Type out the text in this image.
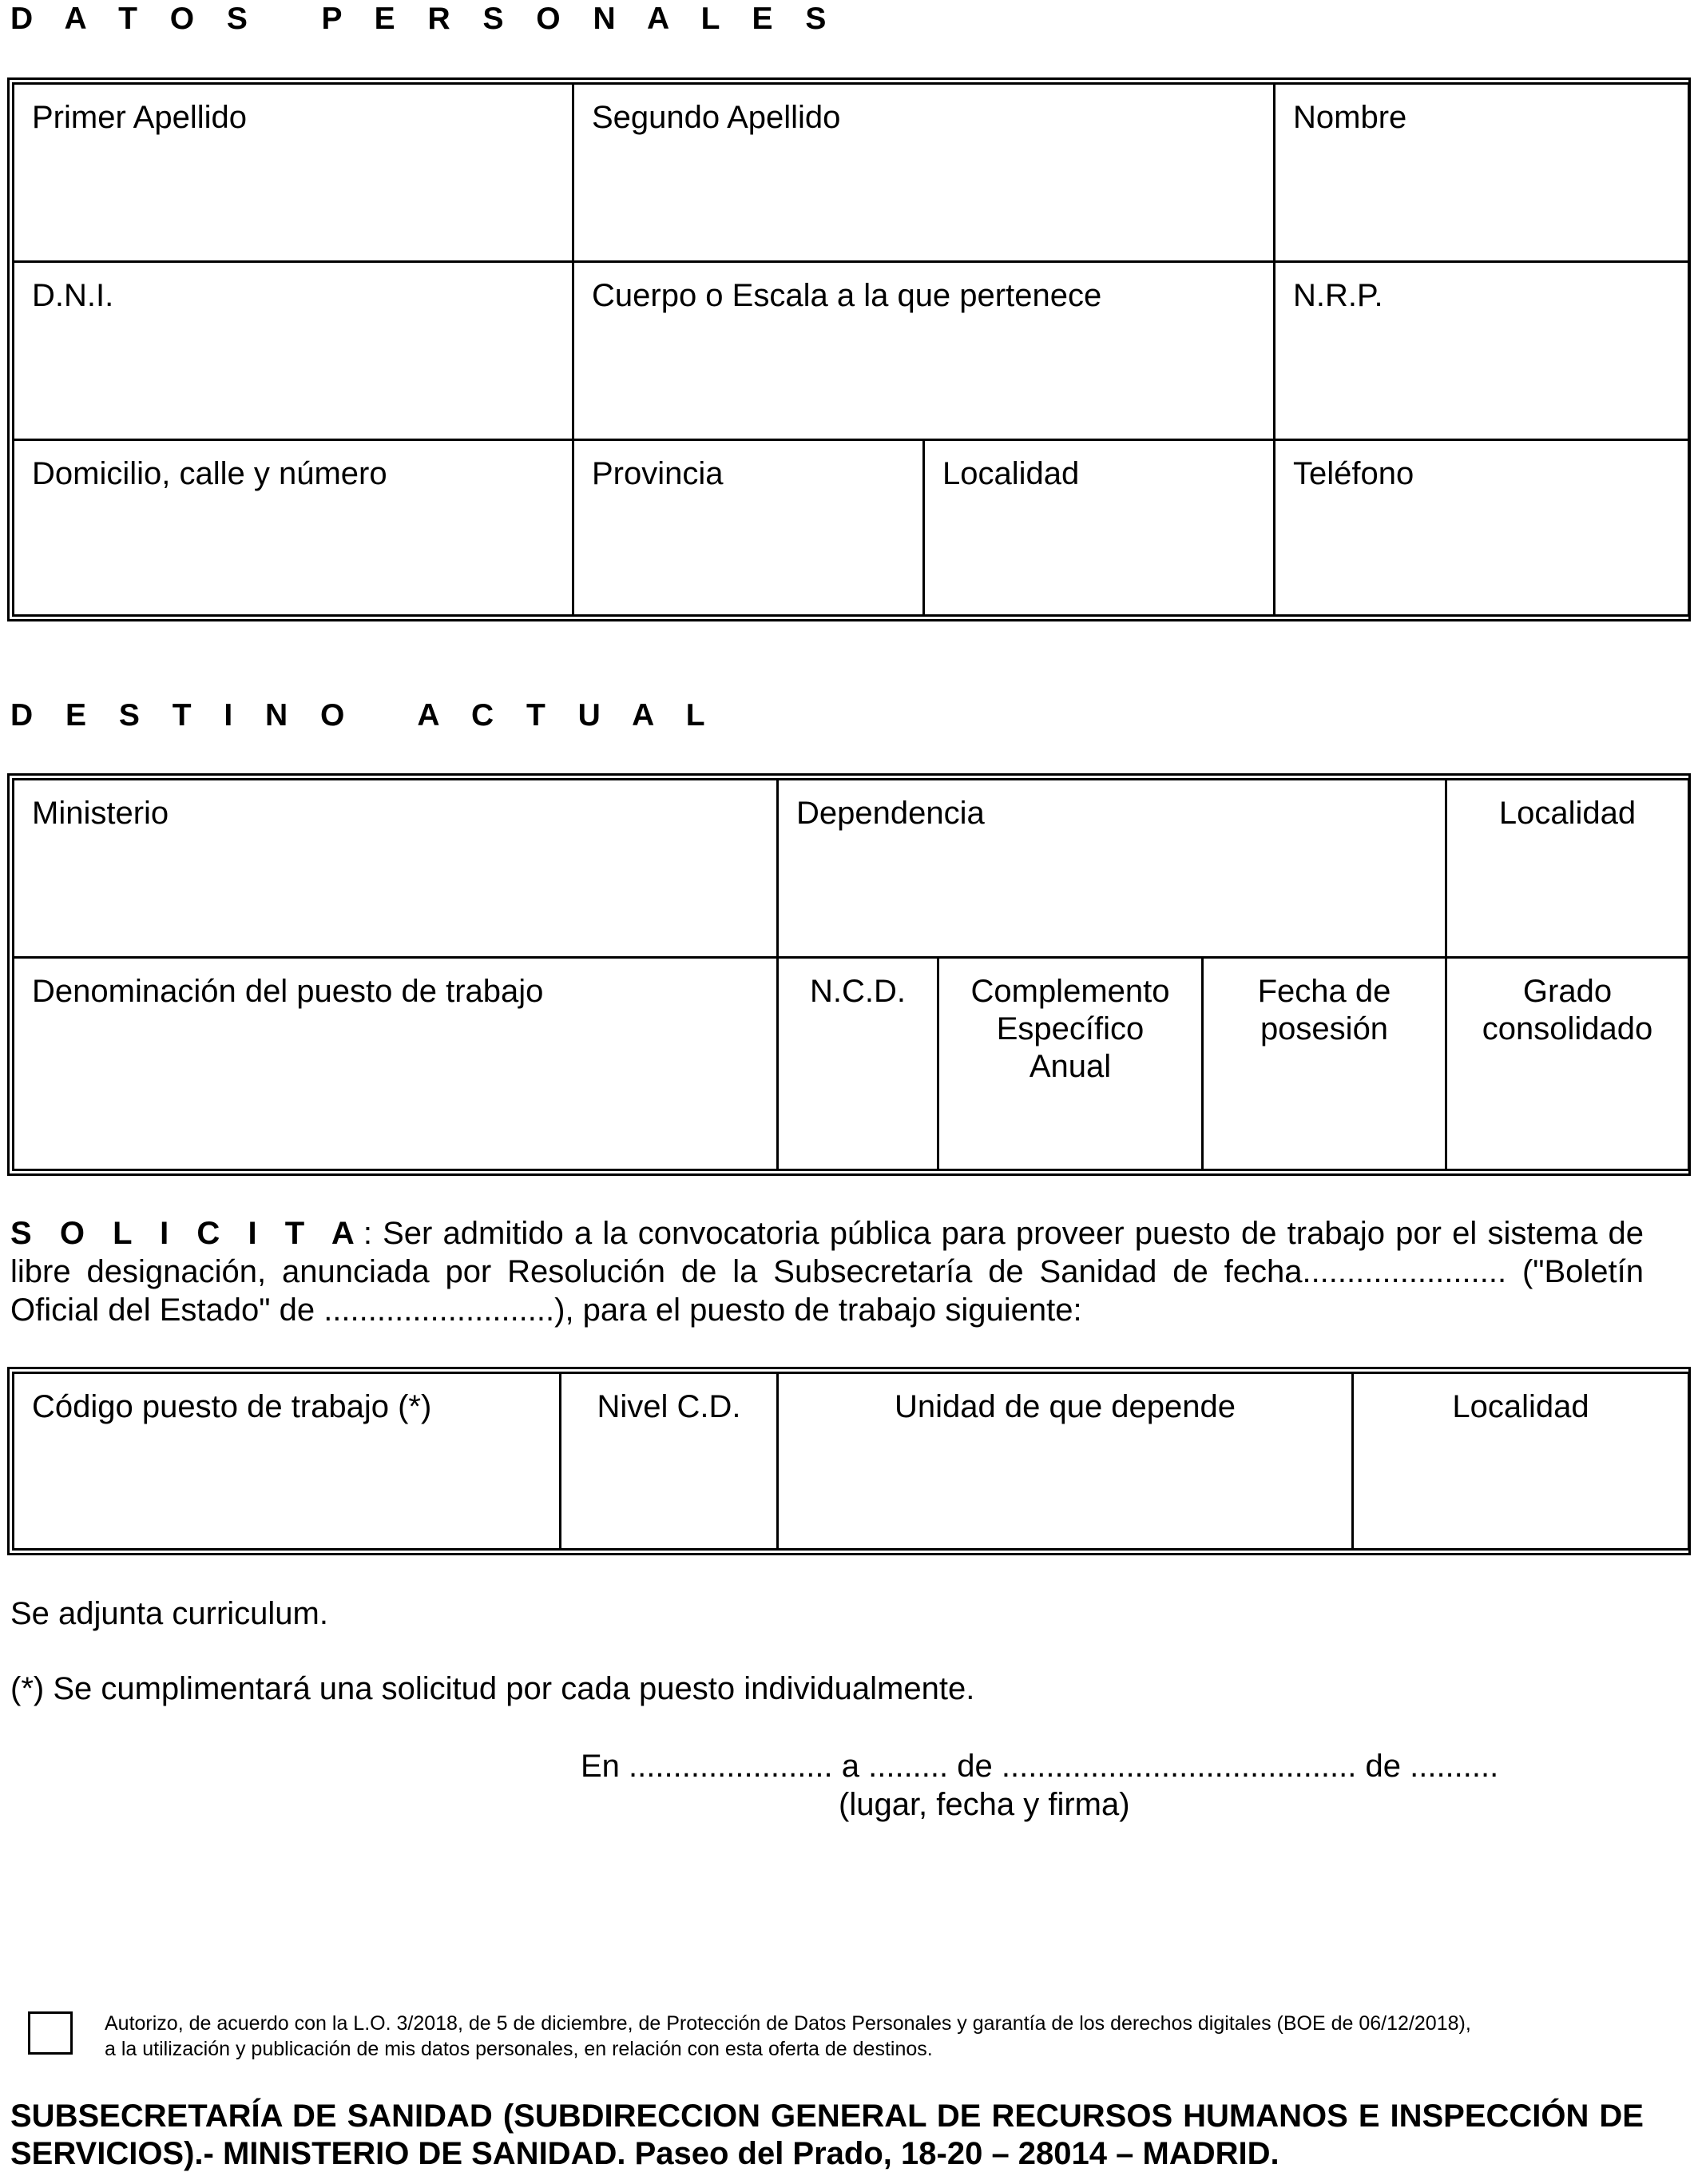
D A T O S   P E R S O N A L E S
Primer Apellido	Segundo Apellido		Nombre
D.N.I.	Cuerpo o Escala a la que pertenece		N.R.P.
Domicilio, calle y número	Provincia	Localidad	Teléfono
D E S T I N O   A C T U A L
Ministerio	Dependencia			Localidad
Denominación del puesto de trabajo	N.C.D.	Complemento Específico Anual	Fecha de posesión	Grado consolidado

S O L I C I T A: Ser admitido a la convocatoria pública para proveer puesto de trabajo por el sistema de libre designación, anunciada por Resolución de la Subsecretaría de Sanidad de fecha....................... ("Boletín Oficial del Estado" de ..........................), para el puesto de trabajo siguiente:

Código puesto de trabajo (*)	Nivel C.D.	Unidad de que depende	Localidad

Se adjunta curriculum.

(*) Se cumplimentará una solicitud por cada puesto individualmente.

En ....................... a ......... de ........................................ de ..........

(lugar, fecha y firma)

Autorizo, de acuerdo con la L.O. 3/2018, de 5 de diciembre, de Protección de Datos Personales y garantía de los derechos digitales (BOE de 06/12/2018),
a la utilización y publicación de mis datos personales, en relación con esta oferta de destinos.

SUBSECRETARÍA DE SANIDAD (SUBDIRECCION GENERAL DE RECURSOS HUMANOS E INSPECCIÓN DE SERVICIOS).- MINISTERIO DE SANIDAD. Paseo del Prado, 18-20 – 28014 – MADRID.
